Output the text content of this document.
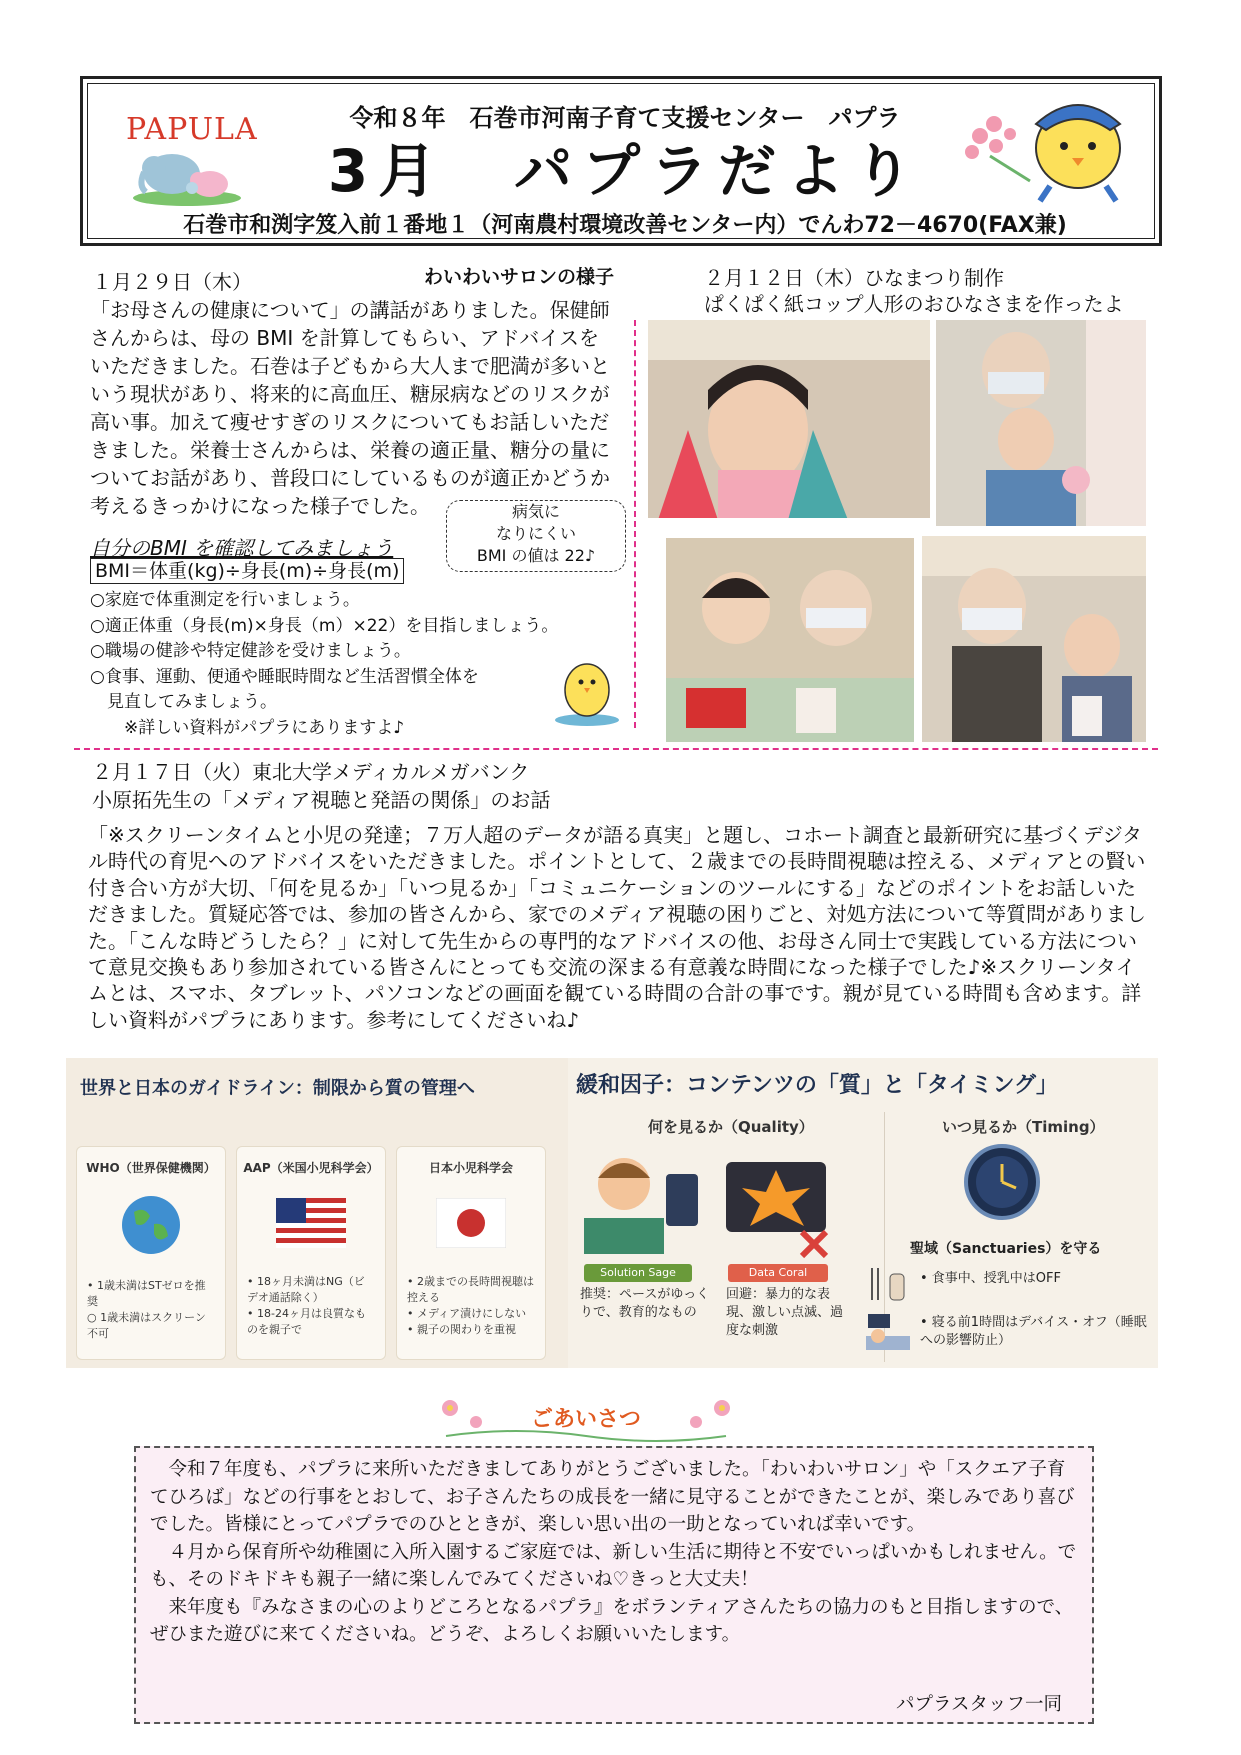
PAPULA	令和８年　石巻市河南子育て支援センター　パプラ
3月　パプラだより
石巻市和渕字笈入前１番地１（河南農村環境改善センター内）でんわ72－4670(FAX兼)
１月２９日（木）	わいわいサロンの様子
「お母さんの健康について」の講話がありました。保健師さんからは、母の BMI を計算してもらい、アドバイスをいただきました。石巻は子どもから大人まで肥満が多いという現状があり、将来的に高血圧、糖尿病などのリスクが高い事。加えて痩せすぎのリスクについてもお話しいただきました。栄養士さんからは、栄養の適正量、糖分の量についてお話があり、普段口にしているものが適正かどうか考えるきっかけになった様子でした。
自分のBMI を確認してみましょう
BMI＝体重(kg)÷身長(m)÷身長(m)
病気に
なりにくい
BMI の値は 22♪
○家庭で体重測定を行いましょう。
○適正体重（身長(m)×身長（m）×22）を目指しましょう。
○職場の健診や特定健診を受けましょう。
○食事、運動、便通や睡眠時間など生活習慣全体を
　見直してみましょう。
　　※詳しい資料がパプラにありますよ♪
２月１２日（木）ひなまつり制作
ぱくぱく紙コップ人形のおひなさまを作ったよ
２月１７日（火）東北大学メディカルメガバンク
小原拓先生の「メディア視聴と発語の関係」のお話
「※スクリーンタイムと小児の発達；７万人超のデータが語る真実」と題し、コホート調査と最新研究に基づくデジタル時代の育児へのアドバイスをいただきました。ポイントとして、２歳までの長時間視聴は控える、メディアとの賢い付き合い方が大切、「何を見るか」「いつ見るか」「コミュニケーションのツールにする」などのポイントをお話しいただきました。質疑応答では、参加の皆さんから、家でのメディア視聴の困りごと、対処方法について等質問がありました。「こんな時どうしたら？」に対して先生からの専門的なアドバイスの他、お母さん同士で実践している方法について意見交換もあり参加されている皆さんにとっても交流の深まる有意義な時間になった様子でした♪※スクリーンタイムとは、スマホ、タブレット、パソコンなどの画面を観ている時間の合計の事です。親が見ている時間も含めます。詳しい資料がパプラにあります。参考にしてくださいね♪
世界と日本のガイドライン：制限から質の管理へ
WHO（世界保健機関）
• 1歳未満はSTゼロを推奨
○ 1歳未満はスクリーン不可
AAP（米国小児科学会）
• 18ヶ月未満はNG（ビデオ通話除く）
• 18-24ヶ月は良質なものを親子で
日本小児科学会
• 2歳までの長時間視聴は控える
• メディア漬けにしない
• 親子の関わりを重視
緩和因子：コンテンツの「質」と「タイミング」
何を見るか（Quality）	いつ見るか（Timing）
Solution Sage	Data Coral
推奨：ペースがゆっくりで、教育的なもの
回避：暴力的な表現、激しい点滅、過度な刺激
聖域（Sanctuaries）を守る
• 食事中、授乳中はOFF
• 寝る前1時間はデバイス・オフ（睡眠への影響防止）
ごあいさつ
　令和７年度も、パプラに来所いただきましてありがとうございました。「わいわいサロン」や「スクエア子育てひろば」などの行事をとおして、お子さんたちの成長を一緒に見守ることができたことが、楽しみであり喜びでした。皆様にとってパプラでのひとときが、楽しい思い出の一助となっていれば幸いです。
　４月から保育所や幼稚園に入所入園するご家庭では、新しい生活に期待と不安でいっぱいかもしれません。でも、そのドキドキも親子一緒に楽しんでみてくださいね♡きっと大丈夫！
　来年度も『みなさまの心のよりどころとなるパプラ』をボランティアさんたちの協力のもと目指しますので、ぜひまた遊びに来てくださいね。どうぞ、よろしくお願いいたします。
パプラスタッフ一同
